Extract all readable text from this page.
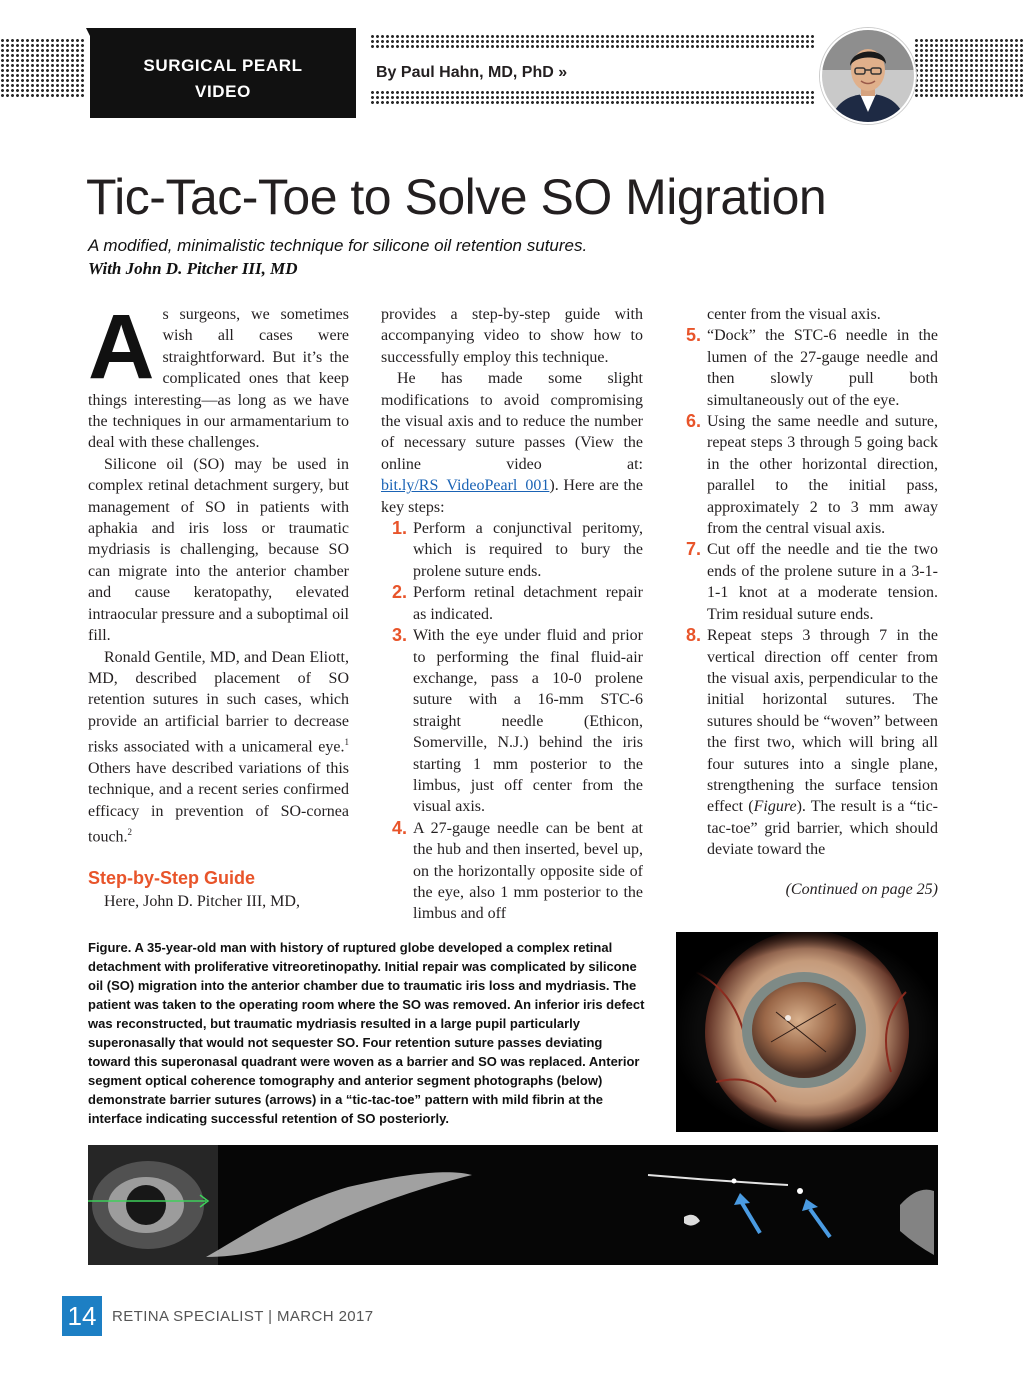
SURGICAL PEARL
VIDEO
By Paul Hahn, MD, PhD »
Tic-Tac-Toe to Solve SO Migration
A modified, minimalistic technique for silicone oil retention sutures.
With John D. Pitcher III, MD

As surgeons, we sometimes wish all cases were straightforward. But it’s the complicated ones that keep things interesting—as long as we have the techniques in our armamentarium to deal with these challenges.

Silicone oil (SO) may be used in complex retinal detachment surgery, but management of SO in patients with aphakia and iris loss or traumatic mydriasis is challenging, because SO can migrate into the anterior chamber and cause keratopathy, elevated intraocular pressure and a suboptimal oil fill.

Ronald Gentile, MD, and Dean Eliott, MD, described placement of SO retention sutures in such cases, which provide an artificial barrier to decrease risks associated with a unicameral eye.$^1$ Others have described variations of this technique, and a recent series confirmed efficacy in prevention of SO-cornea touch.$^2$

Step-by-Step Guide

Here, John D. Pitcher III, MD,

provides a step-by-step guide with accompanying video to show how to successfully employ this technique.

He has made some slight modifications to avoid compromising the visual axis and to reduce the number of necessary suture passes (View the online video at: bit.ly/RS_VideoPearl_001). Here are the key steps:

1. Perform a conjunctival peritomy, which is required to bury the prolene suture ends.
2. Perform retinal detachment repair as indicated.
3. With the eye under fluid and prior to performing the final fluid-air exchange, pass a 10-0 prolene suture with a 16-mm STC-6 straight needle (Ethicon, Somerville, N.J.) behind the iris starting 1 mm posterior to the limbus, just off center from the visual axis.
4. A 27-gauge needle can be bent at the hub and then inserted, bevel up, on the horizontally opposite side of the eye, also 1 mm posterior to the limbus and off
center from the visual axis.
5. “Dock” the STC-6 needle in the lumen of the 27-gauge needle and then slowly pull both simultaneously out of the eye.
6. Using the same needle and suture, repeat steps 3 through 5 going back in the other horizontal direction, parallel to the initial pass, approximately 2 to 3 mm away from the central visual axis.
7. Cut off the needle and tie the two ends of the prolene suture in a 3-1-1-1 knot at a moderate tension. Trim residual suture ends.
8. Repeat steps 3 through 7 in the vertical direction off center from the visual axis, perpendicular to the initial horizontal sutures. The sutures should be “woven” between the first two, which will bring all four sutures into a single plane, strengthening the surface tension effect (Figure). The result is a “tic-tac-toe” grid barrier, which should deviate toward the
(Continued on page 25)
Figure. A 35-year-old man with history of ruptured globe developed a complex retinal detachment with proliferative vitreoretinopathy. Initial repair was complicated by silicone oil (SO) migration into the anterior chamber due to traumatic iris loss and mydriasis. The patient was taken to the operating room where the SO was removed. An inferior iris defect was reconstructed, but traumatic mydriasis resulted in a large pupil particularly superonasally that would not sequester SO. Four retention suture passes deviating toward this superonasal quadrant were woven as a barrier and SO was replaced. Anterior segment optical coherence tomography and anterior segment photographs (below) demonstrate barrier sutures (arrows) in a “tic-tac-toe” pattern with mild fibrin at the interface indicating successful retention of SO posteriorly.
14	RETINA SPECIALIST | MARCH 2017
